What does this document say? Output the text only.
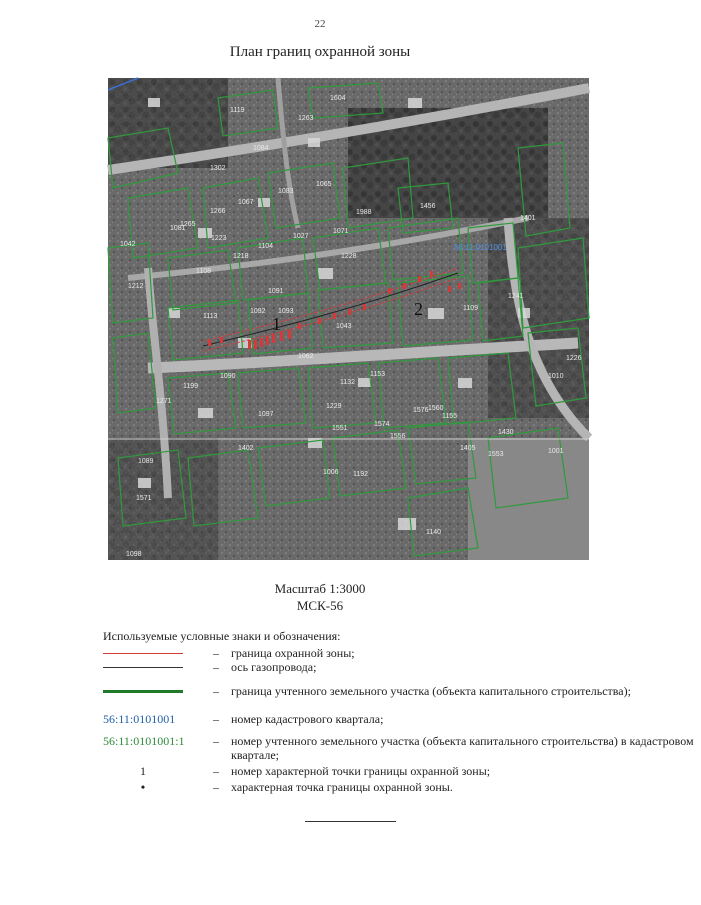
22
План границ охранной зоны
1119
1604
1263
1084
1302
1083
1081
1065
1067
1988
1456
1266
1265
1223	1027
1104
1218	1228
1401
1071
1042
1108
1212
1113
1199
1092
1091
1093
1043
1090
1062
1153
1132
1109
1271
1229
1155
1574
1551
1560
1556
1576
1571
1006 1192
1089
1097
1402
1140
1553
1430
1405
1010
1001
1226
1241
1098
56:11:0101001
1
2
Масштаб 1:3000
МСК-56
Используемые условные знаки и обозначения:
– граница охранной зоны;
– ось газопровода;
– граница учтенного земельного участка (объекта капитального строительства);
56:11:0101001	– номер кадастрового квартала;
56:11:0101001:1	– номер учтенного земельного участка (объекта капитального строительства) в кадастровом квартале;
1	– номер характерной точки границы охранной зоны;
•	– характерная точка границы охранной зоны.
